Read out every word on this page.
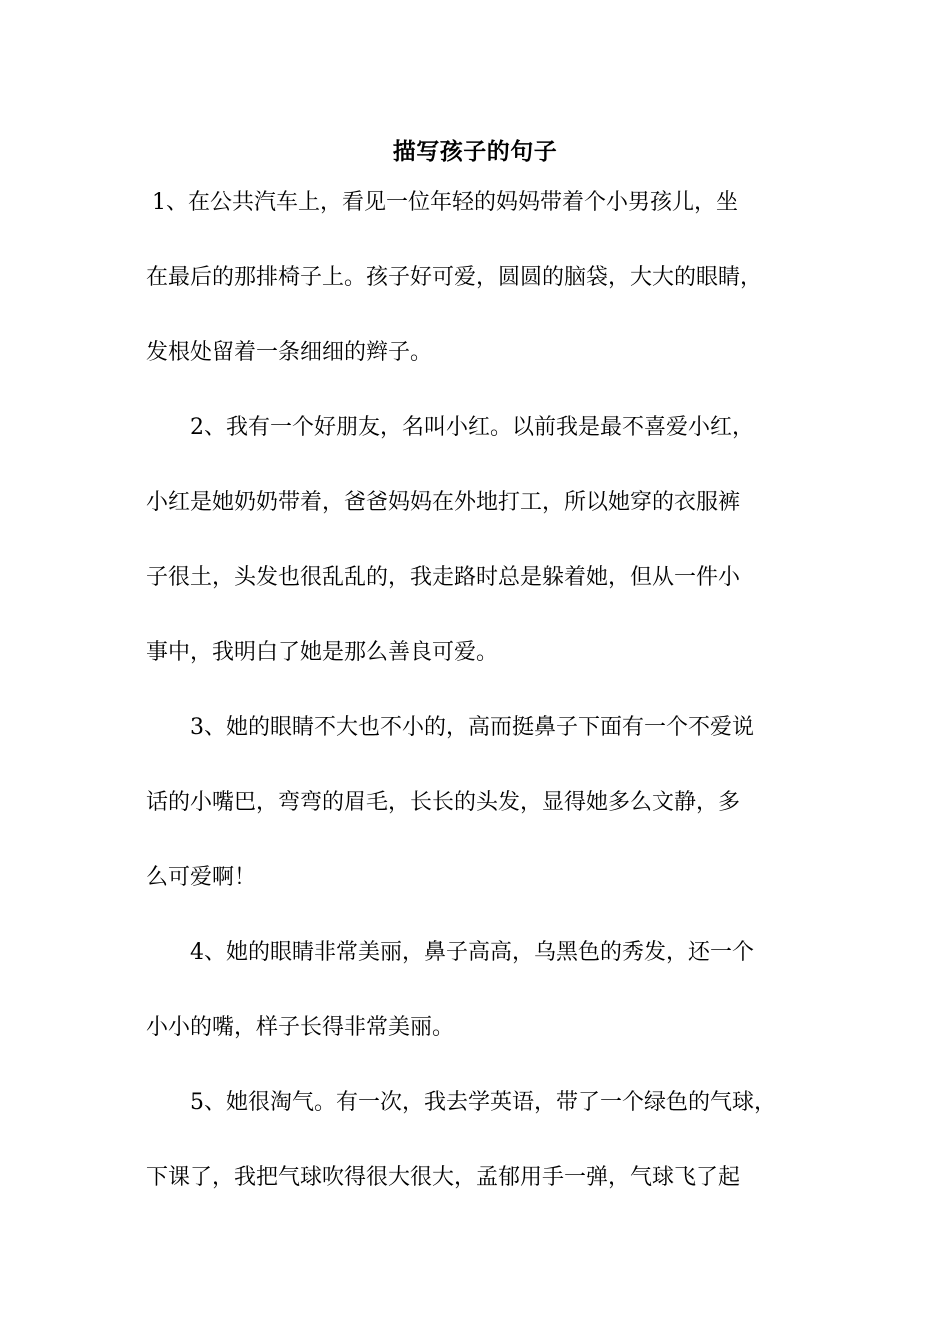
描写孩子的句子
1、在公共汽车上，看见一位年轻的妈妈带着个小男孩儿，坐
在最后的那排椅子上。孩子好可爱，圆圆的脑袋，大大的眼睛，
发根处留着一条细细的辫子。
2、我有一个好朋友，名叫小红。以前我是最不喜爱小红，
小红是她奶奶带着，爸爸妈妈在外地打工，所以她穿的衣服裤
子很土，头发也很乱乱的，我走路时总是躲着她，但从一件小
事中，我明白了她是那么善良可爱。
3、她的眼睛不大也不小的，高而挺鼻子下面有一个不爱说
话的小嘴巴，弯弯的眉毛，长长的头发，显得她多么文静，多
么可爱啊！
4、她的眼睛非常美丽，鼻子高高，乌黑色的秀发，还一个
小小的嘴，样子长得非常美丽。
5、她很淘气。有一次，我去学英语，带了一个绿色的气球，
下课了，我把气球吹得很大很大，孟郁用手一弹，气球飞了起
